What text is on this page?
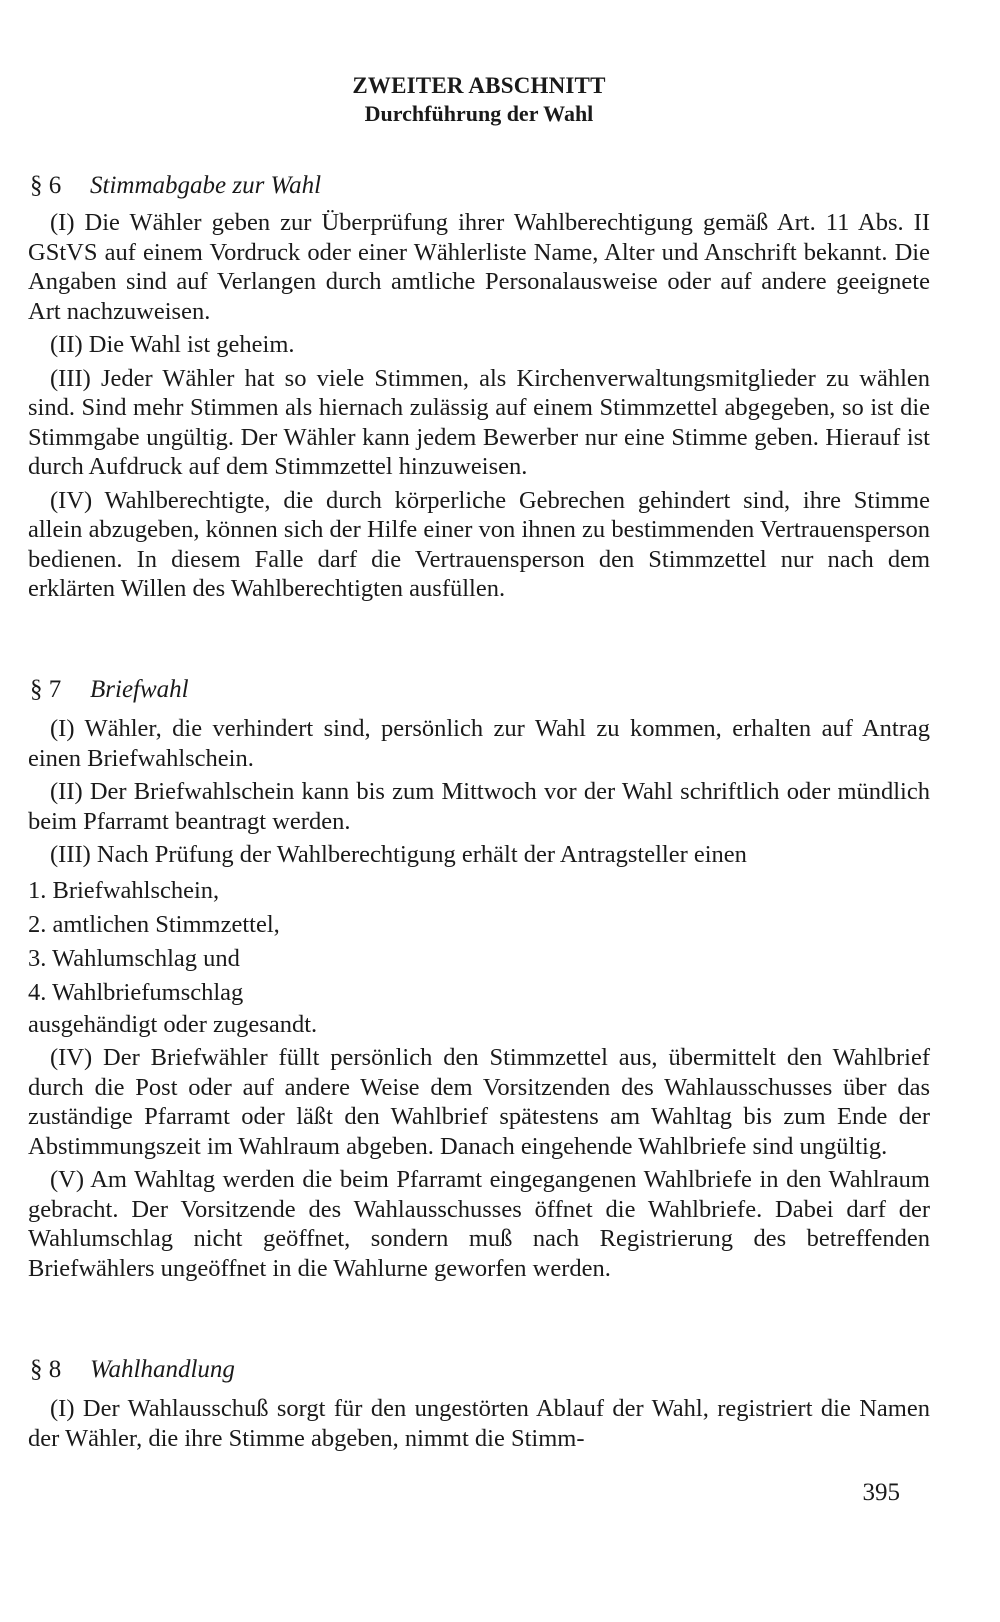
ZWEITER ABSCHNITT
Durchführung der Wahl
§ 6 Stimmabgabe zur Wahl

(I) Die Wähler geben zur Überprüfung ihrer Wahlberechtigung gemäß Art. 11 Abs. II GStVS auf einem Vordruck oder einer Wählerliste Name, Alter und Anschrift bekannt. Die Angaben sind auf Verlangen durch amtliche Personalausweise oder auf andere geeignete Art nachzuweisen.

(II) Die Wahl ist geheim.

(III) Jeder Wähler hat so viele Stimmen, als Kirchenverwaltungsmitglieder zu wählen sind. Sind mehr Stimmen als hiernach zulässig auf einem Stimmzettel abgegeben, so ist die Stimmgabe ungültig. Der Wähler kann jedem Bewerber nur eine Stimme geben. Hierauf ist durch Aufdruck auf dem Stimmzettel hinzuweisen.

(IV) Wahlberechtigte, die durch körperliche Gebrechen gehindert sind, ihre Stimme allein abzugeben, können sich der Hilfe einer von ihnen zu bestimmenden Vertrauensperson bedienen. In diesem Falle darf die Vertrauensperson den Stimmzettel nur nach dem erklärten Willen des Wahlberechtigten ausfüllen.

§ 7 Briefwahl

(I) Wähler, die verhindert sind, persönlich zur Wahl zu kommen, erhalten auf Antrag einen Briefwahlschein.

(II) Der Briefwahlschein kann bis zum Mittwoch vor der Wahl schriftlich oder mündlich beim Pfarramt beantragt werden.

(III) Nach Prüfung der Wahlberechtigung erhält der Antragsteller einen

1. Briefwahlschein,
2. amtlichen Stimmzettel,
3. Wahlumschlag und
4. Wahlbriefumschlag

ausgehändigt oder zugesandt.

(IV) Der Briefwähler füllt persönlich den Stimmzettel aus, übermittelt den Wahlbrief durch die Post oder auf andere Weise dem Vorsitzenden des Wahlausschusses über das zuständige Pfarramt oder läßt den Wahlbrief spätestens am Wahltag bis zum Ende der Abstimmungszeit im Wahlraum abgeben. Danach eingehende Wahlbriefe sind ungültig.

(V) Am Wahltag werden die beim Pfarramt eingegangenen Wahlbriefe in den Wahlraum gebracht. Der Vorsitzende des Wahlausschusses öffnet die Wahlbriefe. Dabei darf der Wahlumschlag nicht geöffnet, sondern muß nach Registrierung des betreffenden Briefwählers ungeöffnet in die Wahlurne geworfen werden.

§ 8 Wahlhandlung

(I) Der Wahlausschuß sorgt für den ungestörten Ablauf der Wahl, registriert die Namen der Wähler, die ihre Stimme abgeben, nimmt die Stimm-

395
